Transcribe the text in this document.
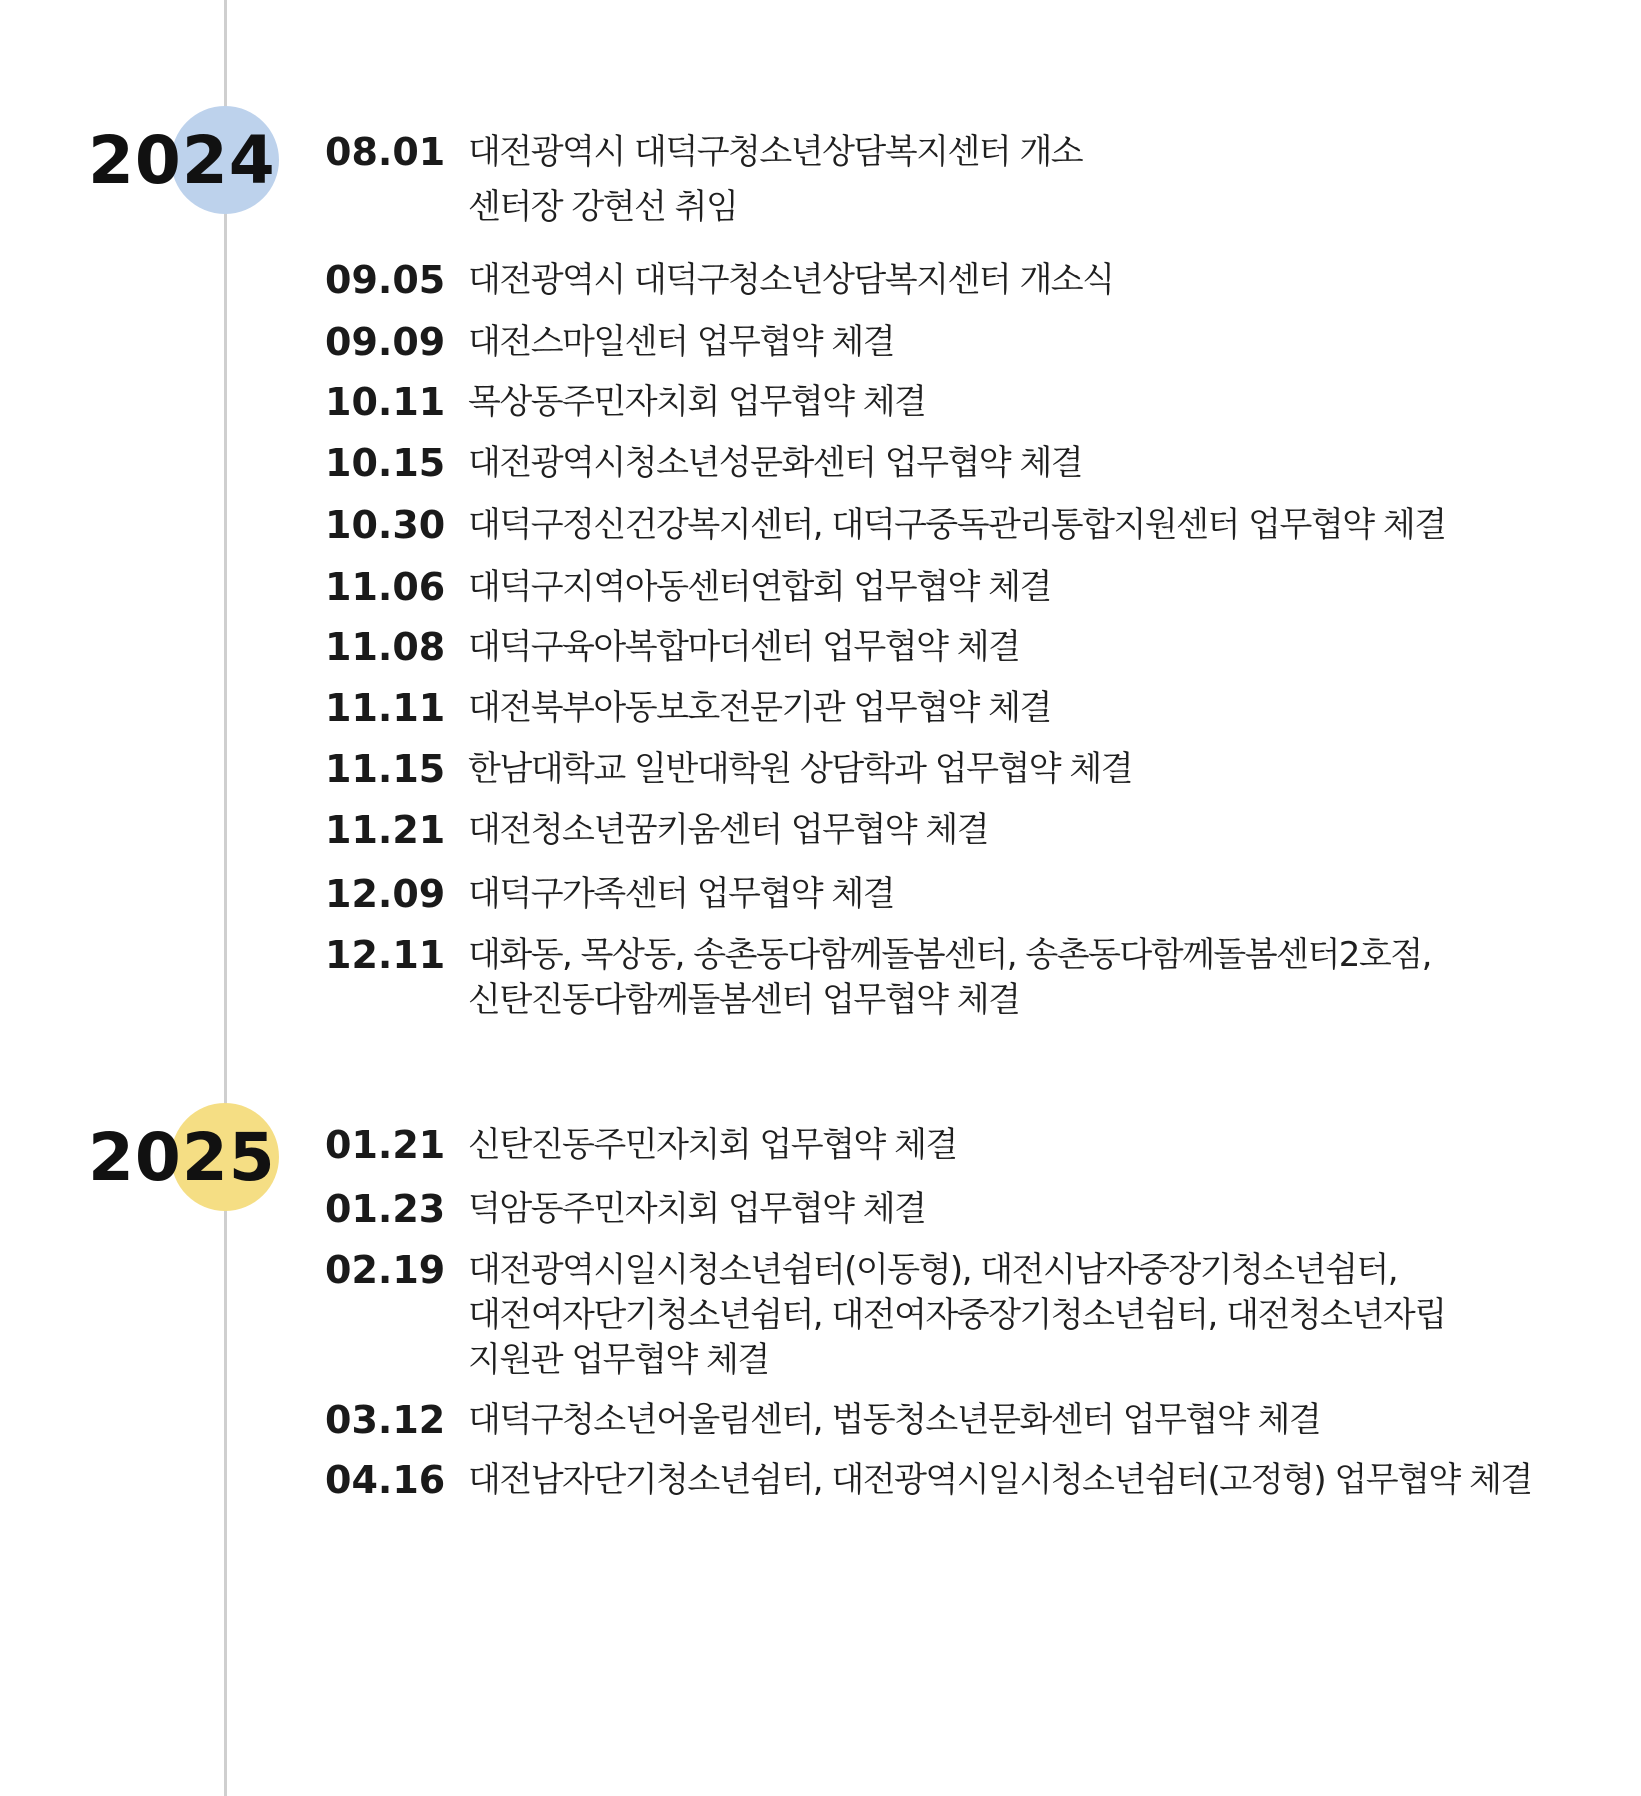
2024 08.01 대전광역시 대덕구청소년상담복지센터 개소
센터장 강현선 취임
09.05 대전광역시 대덕구청소년상담복지센터 개소식
09.09 대전스마일센터 업무협약 체결
10.11 목상동주민자치회 업무협약 체결
10.15 대전광역시청소년성문화센터 업무협약 체결
10.30 대덕구정신건강복지센터, 대덕구중독관리통합지원센터 업무협약 체결
11.06 대덕구지역아동센터연합회 업무협약 체결
11.08 대덕구육아복합마더센터 업무협약 체결
11.11 대전북부아동보호전문기관 업무협약 체결
11.15 한남대학교 일반대학원 상담학과 업무협약 체결
11.21 대전청소년꿈키움센터 업무협약 체결
12.09 대덕구가족센터 업무협약 체결
12.11 대화동, 목상동, 송촌동다함께돌봄센터, 송촌동다함께돌봄센터2호점,
신탄진동다함께돌봄센터 업무협약 체결
2025 01.21 신탄진동주민자치회 업무협약 체결
01.23 덕암동주민자치회 업무협약 체결
02.19 대전광역시일시청소년쉼터(이동형), 대전시남자중장기청소년쉼터,
대전여자단기청소년쉼터, 대전여자중장기청소년쉼터, 대전청소년자립
지원관 업무협약 체결
03.12 대덕구청소년어울림센터, 법동청소년문화센터 업무협약 체결
04.16 대전남자단기청소년쉼터, 대전광역시일시청소년쉼터(고정형) 업무협약 체결
